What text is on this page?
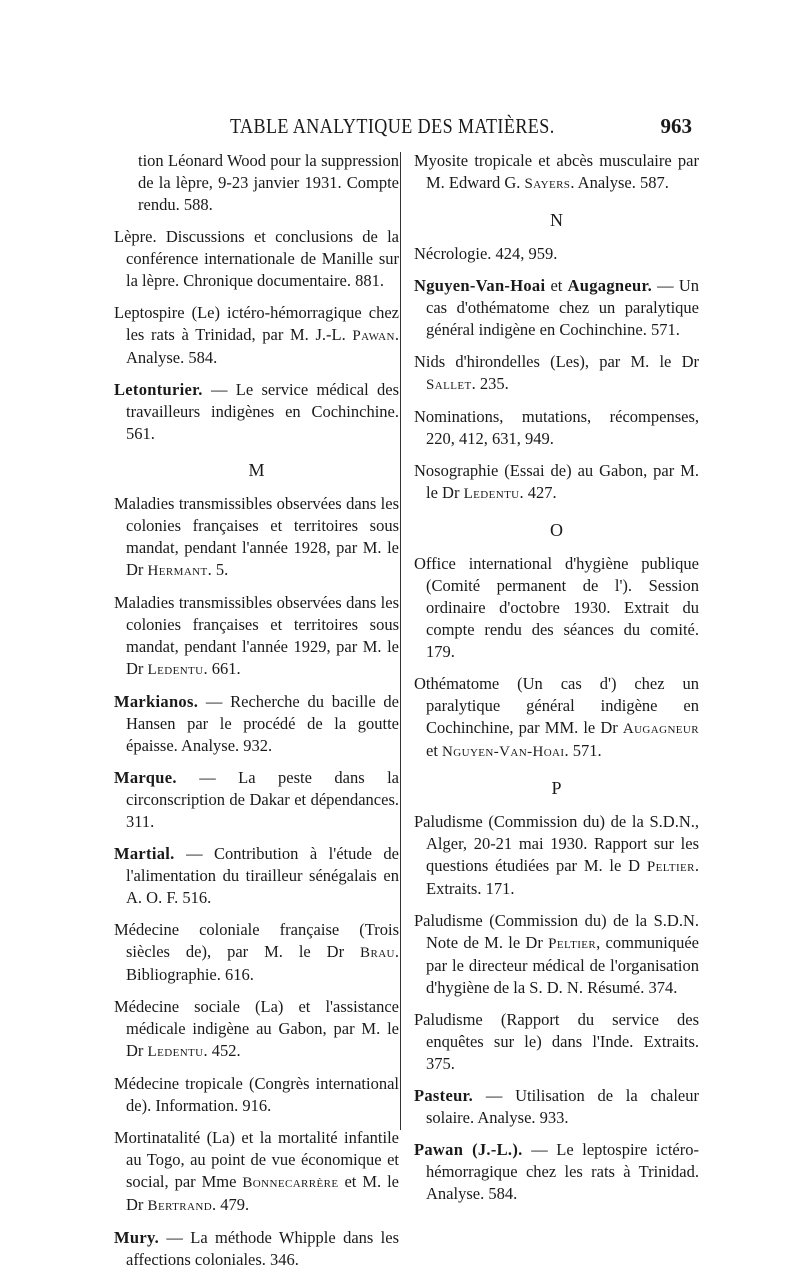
TABLE ANALYTIQUE DES MATIÈRES.	963

tion Léonard Wood pour la suppression de la lèpre, 9-23 janvier 1931. Compte rendu. 588.

Lèpre. Discussions et conclusions de la conférence internationale de Manille sur la lèpre. Chronique documentaire. 881.

Leptospire (Le) ictéro-hémorragique chez les rats à Trinidad, par M. J.-L. Pawan. Analyse. 584.

Letonturier. — Le service médical des travailleurs indigènes en Cochinchine. 561.

M

Maladies transmissibles observées dans les colonies françaises et territoires sous mandat, pendant l'année 1928, par M. le Dr Hermant. 5.

Maladies transmissibles observées dans les colonies françaises et territoires sous mandat, pendant l'année 1929, par M. le Dr Ledentu. 661.

Markianos. — Recherche du bacille de Hansen par le procédé de la goutte épaisse. Analyse. 932.

Marque. — La peste dans la circonscription de Dakar et dépendances. 311.

Martial. — Contribution à l'étude de l'alimentation du tirailleur sénégalais en A. O. F. 516.

Médecine coloniale française (Trois siècles de), par M. le Dr Brau. Bibliographie. 616.

Médecine sociale (La) et l'assistance médicale indigène au Gabon, par M. le Dr Ledentu. 452.

Médecine tropicale (Congrès international de). Information. 916.

Mortinatalité (La) et la mortalité infantile au Togo, au point de vue économique et social, par Mme Bonnecarrère et M. le Dr Bertrand. 479.

Mury. — La méthode Whipple dans les affections coloniales. 346.

Myosite tropicale et abcès musculaire par M. Edward G. Sayers. Analyse. 587.

N

Nécrologie. 424, 959.

Nguyen-Van-Hoai et Augagneur. — Un cas d'othématome chez un paralytique général indigène en Cochinchine. 571.

Nids d'hirondelles (Les), par M. le Dr Sallet. 235.

Nominations, mutations, récompenses, 220, 412, 631, 949.

Nosographie (Essai de) au Gabon, par M. le Dr Ledentu. 427.

O

Office international d'hygiène publique (Comité permanent de l'). Session ordinaire d'octobre 1930. Extrait du compte rendu des séances du comité. 179.

Othématome (Un cas d') chez un paralytique général indigène en Cochinchine, par MM. le Dr Augagneur et Nguyen-Van-Hoai. 571.

P

Paludisme (Commission du) de la S.D.N., Alger, 20-21 mai 1930. Rapport sur les questions étudiées par M. le D Peltier. Extraits. 171.

Paludisme (Commission du) de la S.D.N. Note de M. le Dr Peltier, communiquée par le directeur médical de l'organisation d'hygiène de la S. D. N. Résumé. 374.

Paludisme (Rapport du service des enquêtes sur le) dans l'Inde. Extraits. 375.

Pasteur. — Utilisation de la chaleur solaire. Analyse. 933.

Pawan (J.-L.). — Le leptospire ictéro-hémorragique chez les rats à Trinidad. Analyse. 584.
